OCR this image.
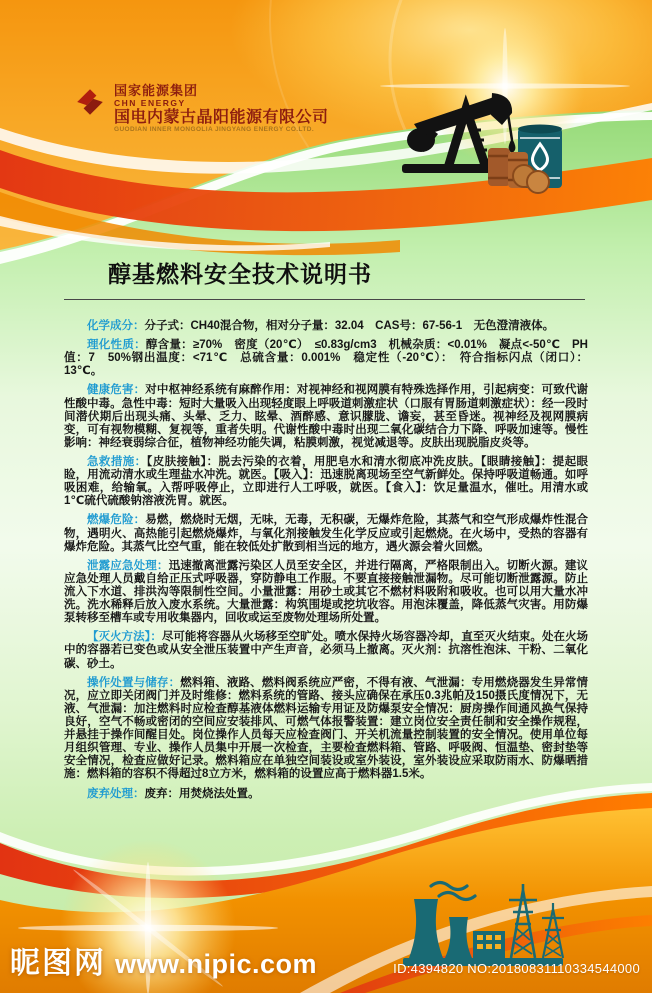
国家能源集团
CHN ENERGY
国电内蒙古晶阳能源有限公司
GUODIAN INNER MONGOLIA JINGYANG ENERGY CO.LTD.
醇基燃料安全技术说明书

化学成分：分子式：CH40混合物，相对分子量：32.04　CAS号：67-56-1　无色澄清液体。

理化性质：醇含量：≥70%　密度（20℃）　≤0.83g/cm3　机械杂质：<0.01%　凝点<-50℃　PH值：7　50%钢出温度：<71℃　总硫含量：0.001%　稳定性（-20℃）：　符合指标闪点（闭口）：13℃。

健康危害：对中枢神经系统有麻醉作用：对视神经和视网膜有特殊选择作用，引起病变：可致代谢性酸中毒。急性中毒：短时大量吸入出现轻度眼上呼吸道刺激症状（口服有胃肠道刺激症状）：经一段时间潜伏期后出现头痛、头晕、乏力、眩晕、酒醉感、意识朦胧、谵妄，甚至昏迷。视神经及视网膜病变，可有视物模糊、复视等，重者失明。代谢性酸中毒时出现二氧化碳结合力下降、呼吸加速等。慢性影响：神经衰弱综合征，植物神经功能失调，粘膜刺激，视觉减退等。皮肤出现脱脂皮炎等。

急救措施：【皮肤接触】：脱去污染的衣着，用肥皂水和清水彻底冲洗皮肤。【眼睛接触】：提起眼睑，用流动清水或生理盐水冲洗。就医。【吸入】：迅速脱离现场至空气新鲜处。保持呼吸道畅通。如呼吸困难，给输氧。入帮呼吸停止，立即进行人工呼吸，就医。【食入】：饮足量温水，催吐。用清水或1℃硫代硫酸钠溶液洗胃。就医。

燃爆危险：易燃，燃烧时无烟，无味，无毒，无积碳，无爆炸危险，其蒸气和空气形成爆炸性混合物，遇明火、高热能引起燃烧爆炸，与氧化剂接触发生化学反应或引起燃烧。在火场中，受热的容器有爆炸危险。其蒸气比空气重，能在较低处扩散到相当远的地方，遇火源会着火回燃。

泄露应急处理：迅速撤离泄露污染区人员至安全区，并进行隔离，严格限制出入。切断火源。建议应急处理人员戴自给正压式呼吸器，穿防静电工作服。不要直接接触泄漏物。尽可能切断泄露源。防止流入下水道、排洪沟等限制性空间。小量泄露：用砂土或其它不燃材料吸附和吸收。也可以用大量水冲洗。洗水稀释后放入废水系统。大量泄露：构筑围堤或挖坑收容。用泡沫覆盖，降低蒸气灾害。用防爆泵转移至槽车或专用收集器内，回收或运至废物处理场所处置。

【灭火方法】：尽可能将容器从火场移至空旷处。喷水保持火场容器冷却，直至灭火结束。处在火场中的容器若已变色或从安全泄压装置中产生声音，必须马上撤离。灭火剂：抗溶性泡沫、干粉、二氧化碳、砂土。

操作处置与储存：燃料箱、液路、燃料阀系统应严密，不得有液、气泄漏：专用燃烧器发生异常情况，应立即关闭阀门并及时维修：燃料系统的管路、接头应确保在承压0.3兆帕及150摄氏度情况下，无液、气泄漏：加注燃料时应检查醇基液体燃料运输专用证及防爆泵安全情况：厨房操作间通风换气保持良好，空气不畅或密闭的空间应安装排风、可燃气体报警装置：建立岗位安全责任制和安全操作规程，并悬挂于操作间醒目处。岗位操作人员每天应检查阀门、开关机流量控制装置的安全情况。使用单位每月组织管理、专业、操作人员集中开展一次检查，主要检查燃料箱、管路、呼吸阀、恒温垫、密封垫等安全情况，检查应做好记录。燃料箱应在单独空间装设或室外装设，室外装设应采取防雨水、防爆晒措施：燃料箱的容积不得超过8立方米，燃料箱的设置应高于燃料器1.5米。

废弃处理：废弃：用焚烧法处置。

昵图网 www.nipic.com	ID:4394820 NO:20180831110334544000
